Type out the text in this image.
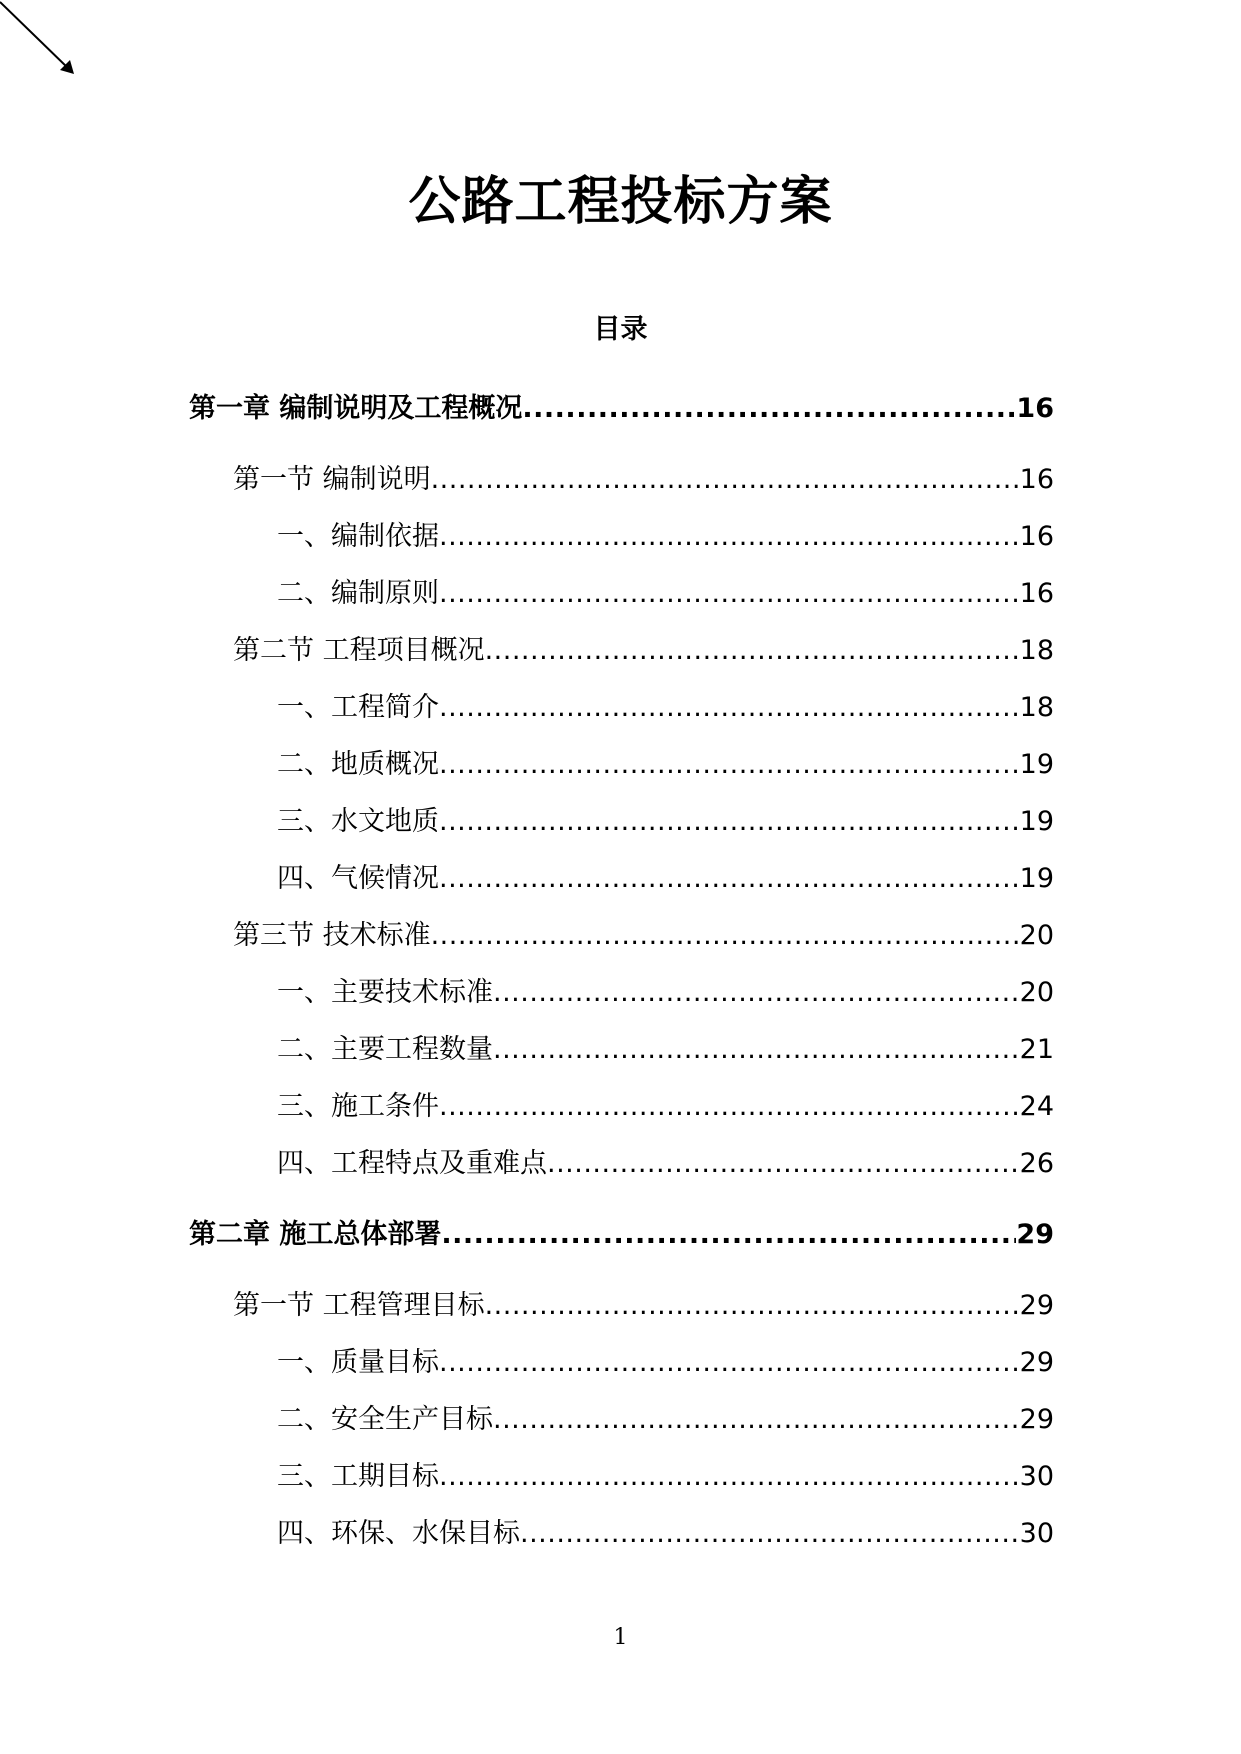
公路工程投标方案
目录
第一章 编制说明及工程概况 .....	16
第一节 编制说明 .....	16
一、编制依据 .....	16
二、编制原则 .....	16
第二节 工程项目概况 .....	18
一、工程简介 .....	18
二、地质概况 .....	19
三、水文地质 .....	19
四、气候情况 .....	19
第三节 技术标准 .....	20
一、主要技术标准 .....	20
二、主要工程数量 .....	21
三、施工条件 .....	24
四、工程特点及重难点 .....	26
第二章 施工总体部署 .....	29
第一节 工程管理目标 .....	29
一、质量目标 .....	29
二、安全生产目标 .....	29
三、工期目标 .....	30
四、环保、水保目标 .....	30
1
